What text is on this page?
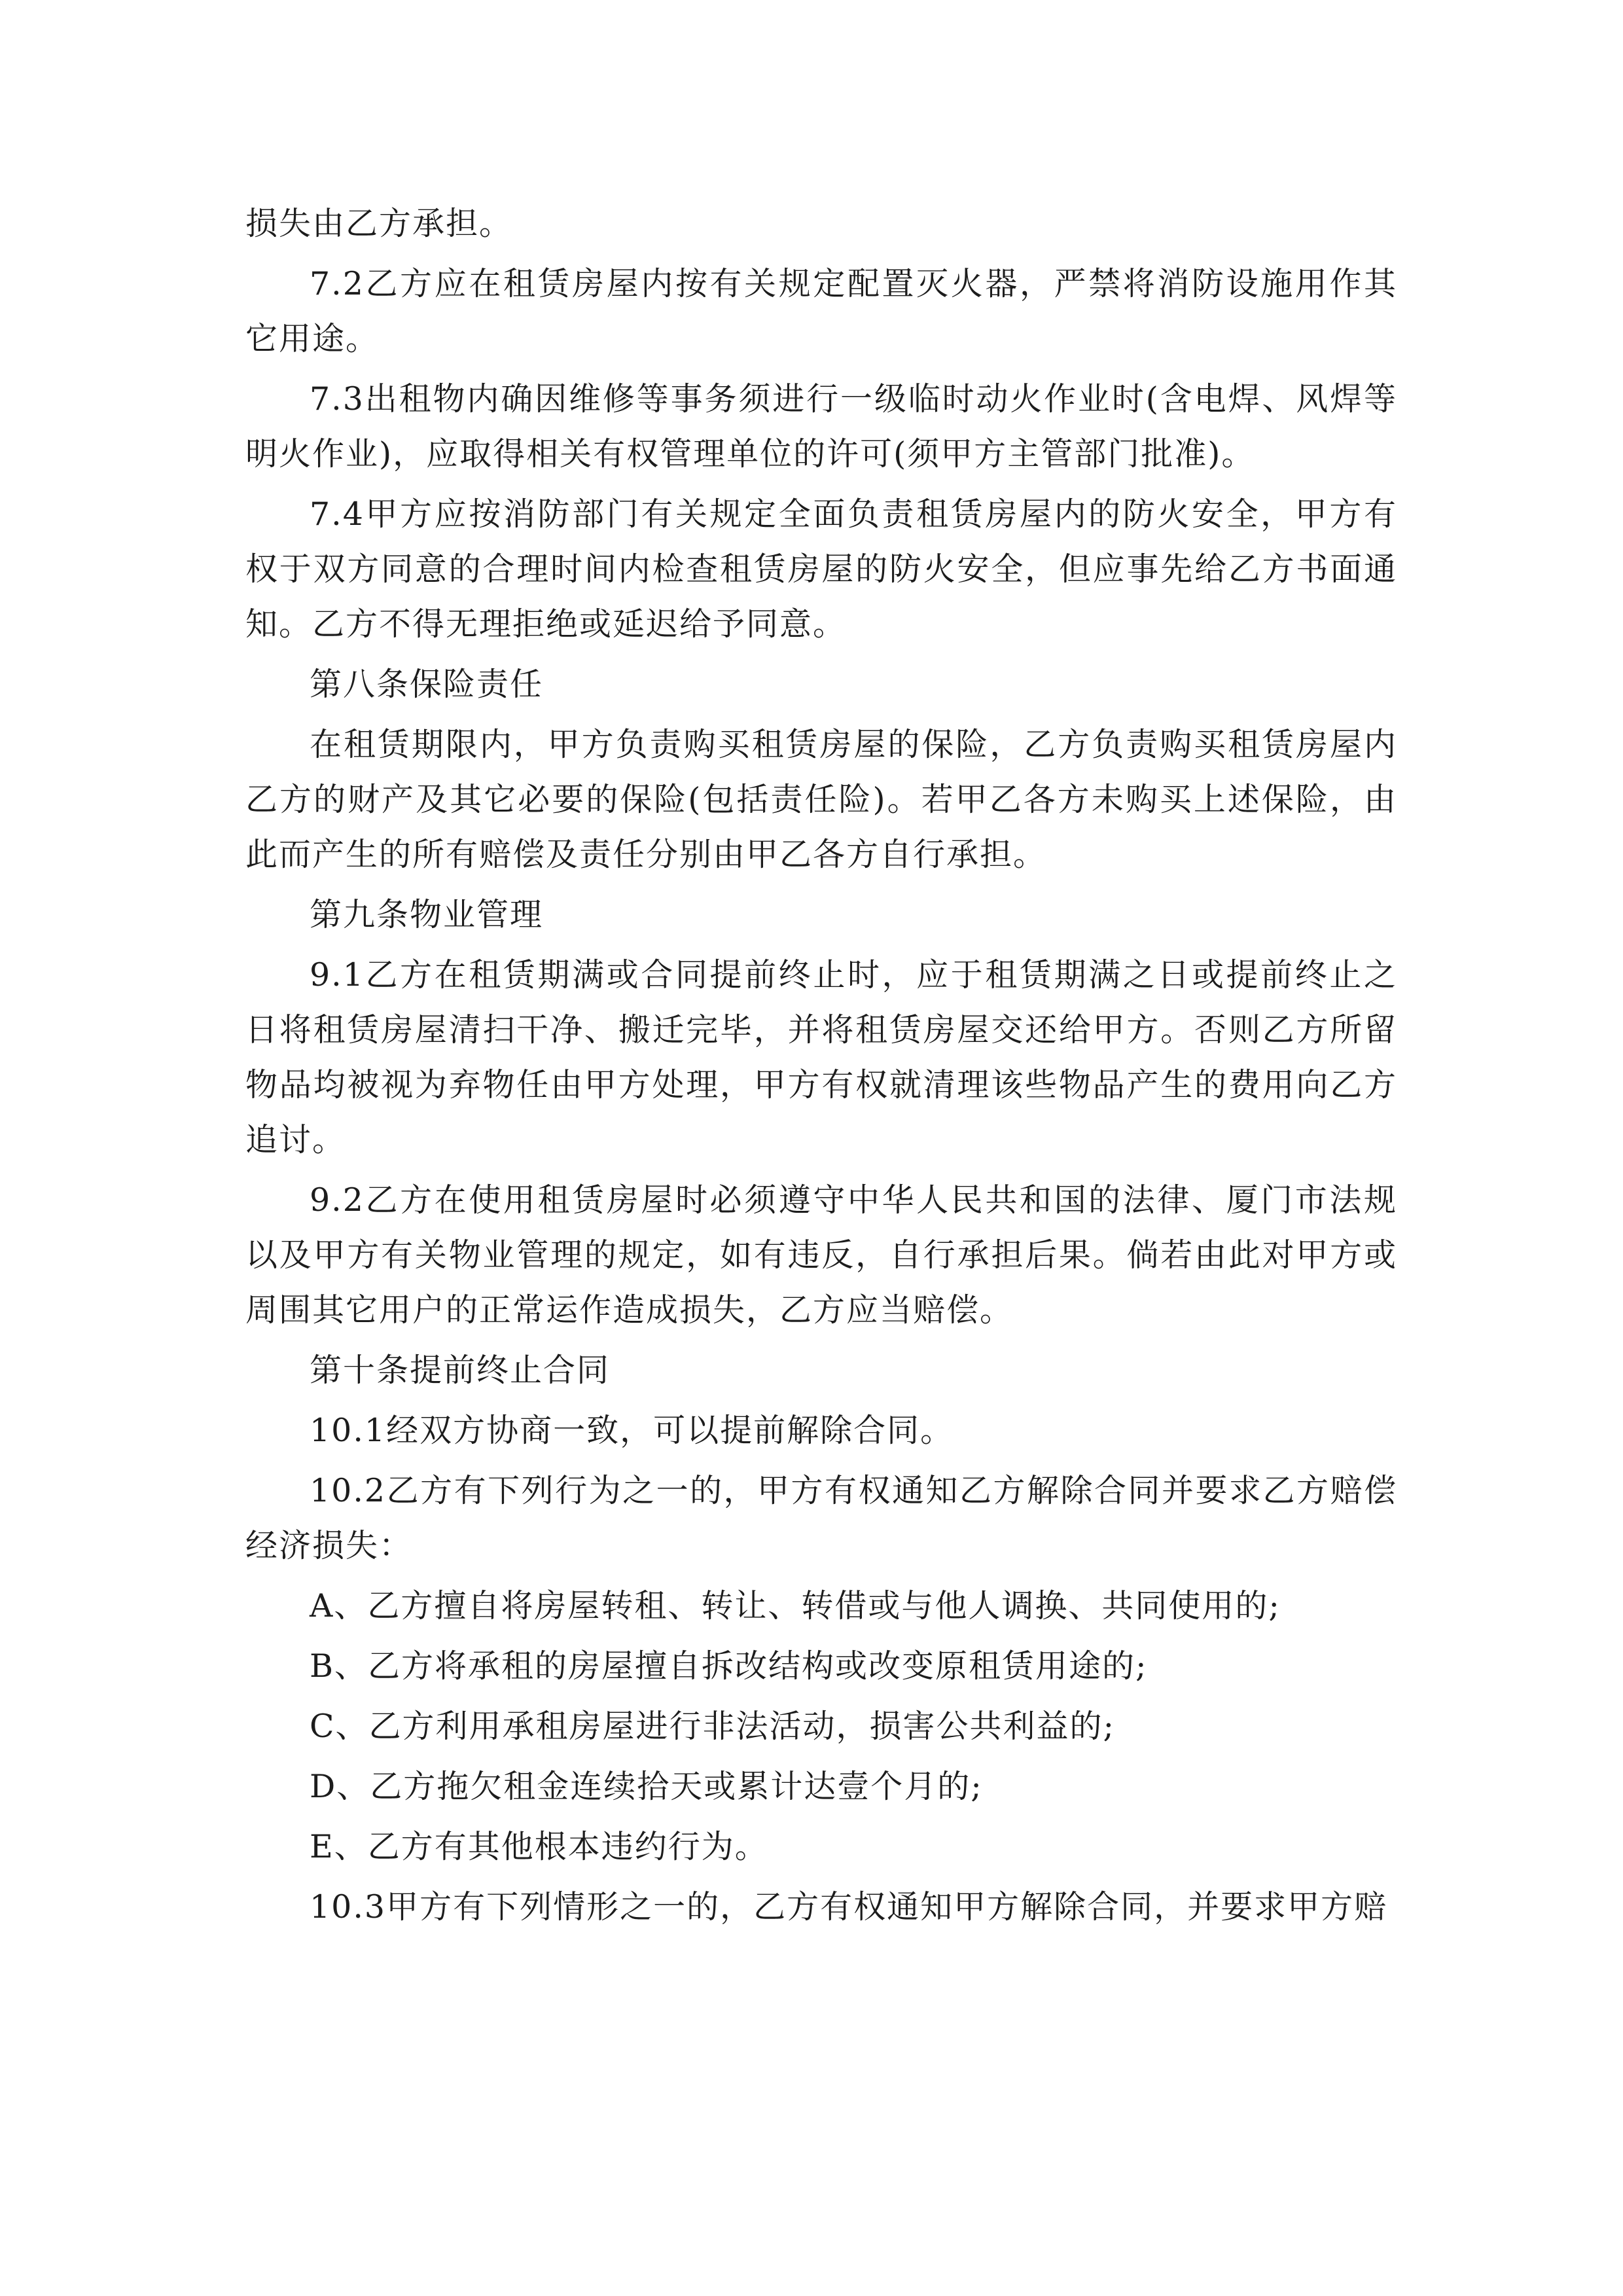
损失由乙方承担。

7.2乙方应在租赁房屋内按有关规定配置灭火器，严禁将消防设施用作其它用途。

7.3出租物内确因维修等事务须进行一级临时动火作业时(含电焊、风焊等明火作业)，应取得相关有权管理单位的许可(须甲方主管部门批准)。

7.4甲方应按消防部门有关规定全面负责租赁房屋内的防火安全，甲方有权于双方同意的合理时间内检查租赁房屋的防火安全，但应事先给乙方书面通知。乙方不得无理拒绝或延迟给予同意。

第八条保险责任

在租赁期限内，甲方负责购买租赁房屋的保险，乙方负责购买租赁房屋内乙方的财产及其它必要的保险(包括责任险)。若甲乙各方未购买上述保险，由此而产生的所有赔偿及责任分别由甲乙各方自行承担。

第九条物业管理

9.1乙方在租赁期满或合同提前终止时，应于租赁期满之日或提前终止之日将租赁房屋清扫干净、搬迁完毕，并将租赁房屋交还给甲方。否则乙方所留物品均被视为弃物任由甲方处理，甲方有权就清理该些物品产生的费用向乙方追讨。

9.2乙方在使用租赁房屋时必须遵守中华人民共和国的法律、厦门市法规以及甲方有关物业管理的规定，如有违反，自行承担后果。倘若由此对甲方或周围其它用户的正常运作造成损失，乙方应当赔偿。

第十条提前终止合同

10.1经双方协商一致，可以提前解除合同。

10.2乙方有下列行为之一的，甲方有权通知乙方解除合同并要求乙方赔偿经济损失：

A、乙方擅自将房屋转租、转让、转借或与他人调换、共同使用的;

B、乙方将承租的房屋擅自拆改结构或改变原租赁用途的;

C、乙方利用承租房屋进行非法活动，损害公共利益的;

D、乙方拖欠租金连续拾天或累计达壹个月的;

E、乙方有其他根本违约行为。

10.3甲方有下列情形之一的，乙方有权通知甲方解除合同，并要求甲方赔
